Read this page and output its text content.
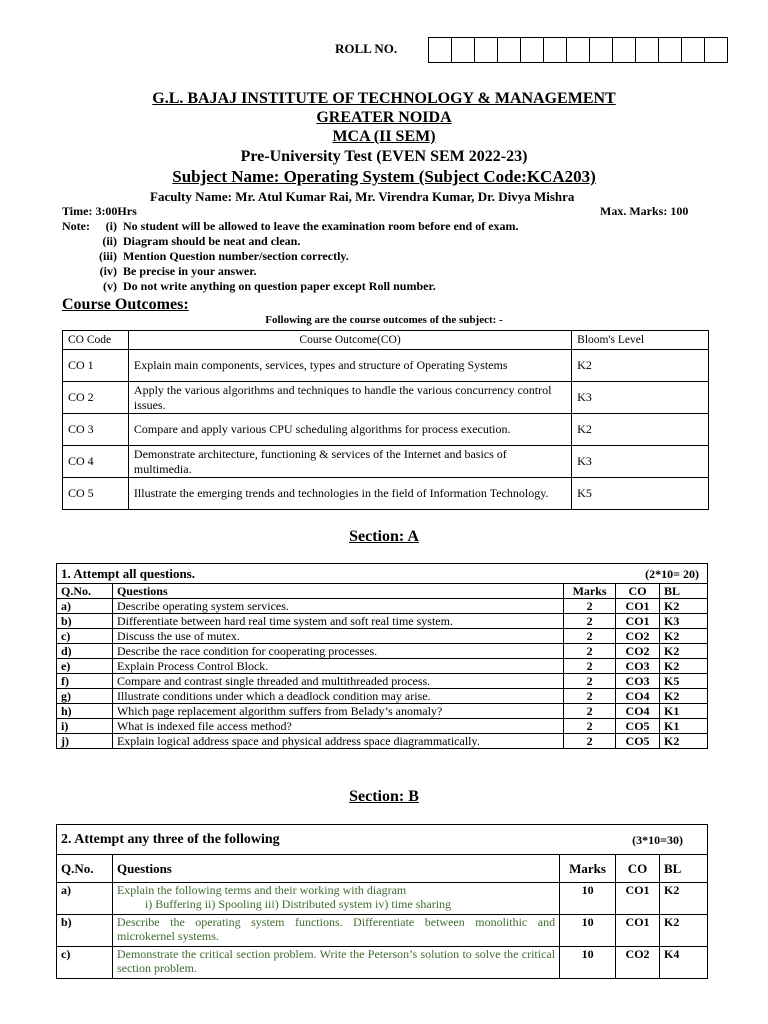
ROLL NO.
G.L. BAJAJ INSTITUTE OF TECHNOLOGY & MANAGEMENT
GREATER NOIDA
MCA (II SEM)
Pre-University Test (EVEN SEM 2022-23)
Subject Name: Operating System (Subject Code:KCA203)
Faculty Name: Mr. Atul Kumar Rai, Mr. Virendra Kumar, Dr. Divya Mishra
Time: 3:00Hrs	Max. Marks: 100
Note:	(i) No student will be allowed to leave the examination room before end of exam.
(ii) Diagram should be neat and clean.
(iii) Mention Question number/section correctly.
(iv) Be precise in your answer.
(v) Do not write anything on question paper except Roll number.
Course Outcomes:
Following are the course outcomes of the subject: -
CO Code	Course Outcome(CO)	Bloom's Level
CO 1	Explain main components, services, types and structure of Operating Systems	K2
CO 2	Apply the various algorithms and techniques to handle the various concurrency control issues.	K3
CO 3	Compare and apply various CPU scheduling algorithms for process execution.	K2
CO 4	Demonstrate architecture, functioning & services of the Internet and basics of multimedia.	K3
CO 5	Illustrate the emerging trends and technologies in the field of Information Technology.	K5
Section: A
1. Attempt all questions. (2*10= 20)				

Q.No.	Questions	Marks	CO	BL
a)	Describe operating system services.	2	CO1	K2
b)	Differentiate between hard real time system and soft real time system.	2	CO1	K3
c)	Discuss the use of mutex.	2	CO2	K2
d)	Describe the race condition for cooperating processes.	2	CO2	K2
e)	Explain Process Control Block.	2	CO3	K2
f)	Compare and contrast single threaded and multithreaded process.	2	CO3	K5
g)	Illustrate conditions under which a deadlock condition may arise.	2	CO4	K2
h)	Which page replacement algorithm suffers from Belady’s anomaly?	2	CO4	K1
i)	What is indexed file access method?	2	CO5	K1
j)	Explain logical address space and physical address space diagrammatically.	2	CO5	K2
Section: B
2. Attempt any three of the following (3*10=30)				

Q.No.	Questions	Marks	CO	BL
a)	Explain the following terms and their working with diagram
i) Buffering ii) Spooling iii) Distributed system iv) time sharing	10	CO1	K2
b)	Describe the operating system functions. Differentiate between monolithic and microkernel systems.	10	CO1	K2
c)	Demonstrate the critical section problem. Write the Peterson’s solution to solve the critical section problem.	10	CO2	K4
